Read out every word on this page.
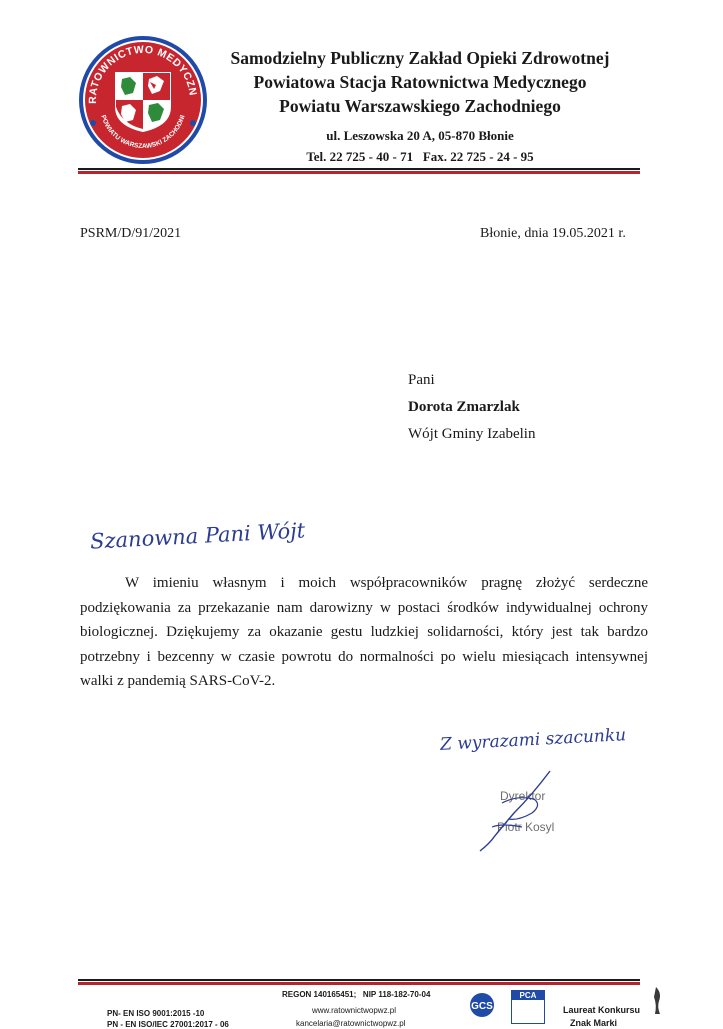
RATOWNICTWO MEDYCZN
POWIATU WARSZAWSKI ZACHODNI
Samodzielny Publiczny Zakład Opieki Zdrowotnej
Powiatowa Stacja Ratownictwa Medycznego
Powiatu Warszawskiego Zachodniego
ul. Leszowska 20 A, 05-870 Błonie
Tel. 22 725 - 40 - 71   Fax. 22 725 - 24 - 95
PSRM/D/91/2021	Błonie, dnia 19.05.2021 r.
Pani
Dorota Zmarzlak
Wójt Gminy Izabelin
Szanowna Pani Wójt
W imieniu własnym i moich współpracowników pragnę złożyć serdeczne podziękowania za przekazanie nam darowizny w postaci środków indywidualnej ochrony biologicznej. Dziękujemy za okazanie gestu ludzkiej solidarności, który jest tak bardzo potrzebny i bezcenny w czasie powrotu do normalności po wielu miesiącach intensywnej walki z pandemią SARS-CoV-2.
Z wyrazami szacunku
Dyrektor
Piotr Kosyl
REGON 140165451;   NIP 118-182-70-04
www.ratownictwopwz.pl
kancelaria@ratownictwopwz.pl
PN- EN ISO 9001:2015 -10
PN - EN ISO/IEC 27001:2017 - 06
GCS
PCA
Laureat Konkursu
Znak Marki
